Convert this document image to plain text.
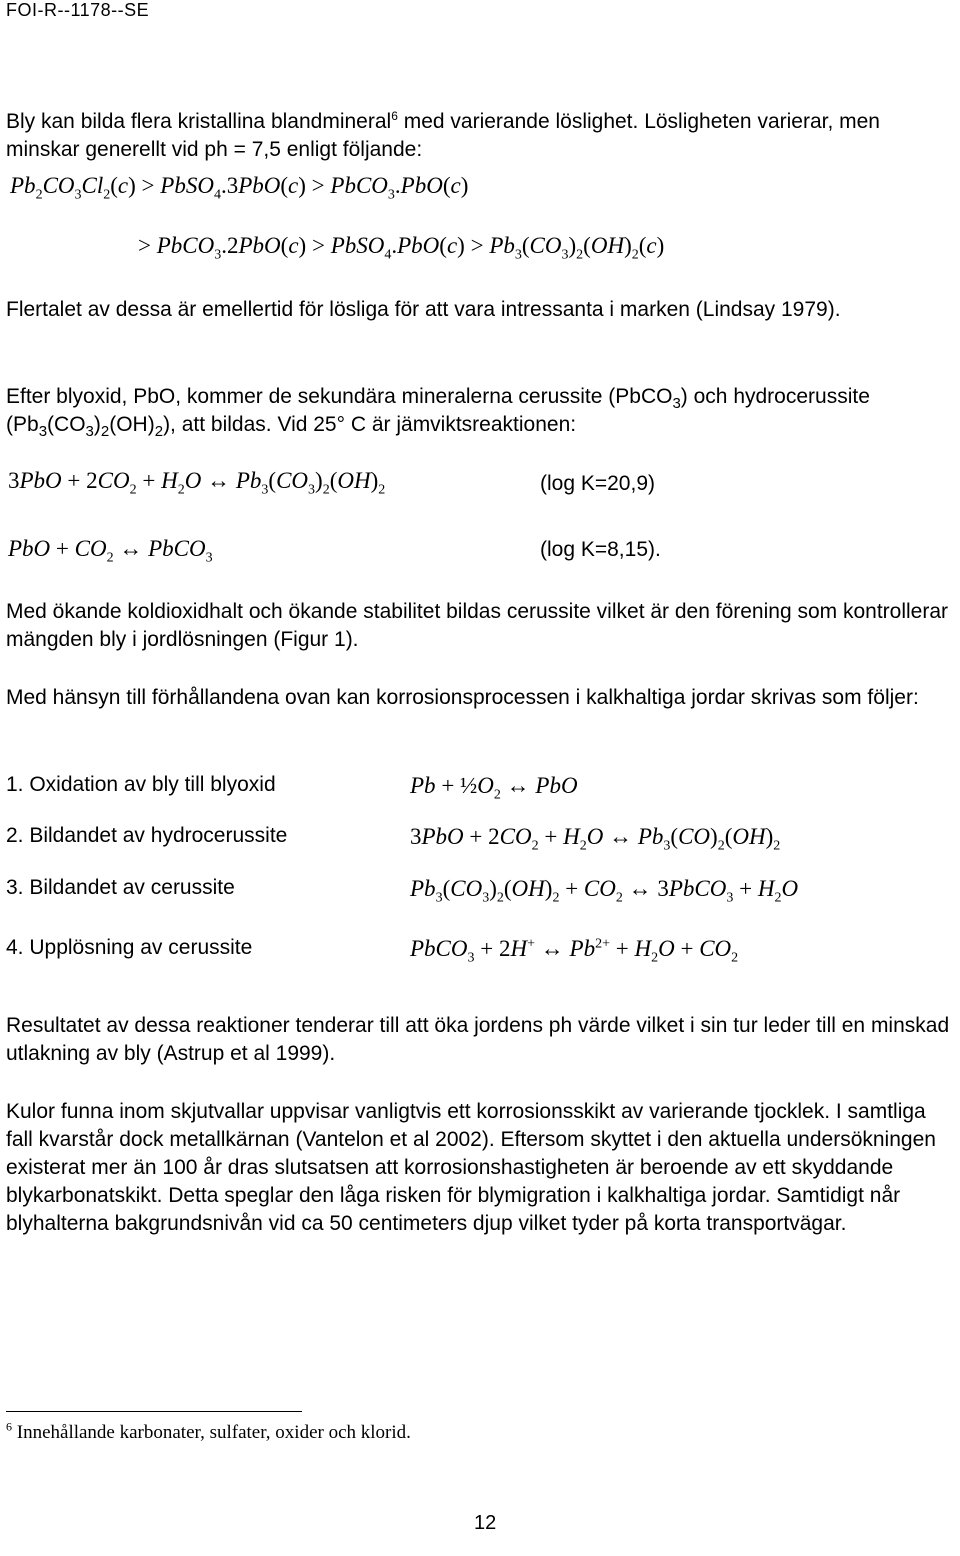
FOI-R--1178--SE
Bly kan bilda flera kristallina blandmineral$^6$ med varierande löslighet. Lösligheten varierar, men minskar generellt vid ph = 7,5 enligt följande:
$Pb_2CO_3Cl_2(c)$ > PbSO$_4$.3PbO(c) > PbCO$_3$.PbO(c)
> PbCO$_3$.2PbO(c) > PbSO$_4$.PbO(c) > $Pb_3(CO_3)_2(OH)_2(c)$
Flertalet av dessa är emellertid för lösliga för att vara intressanta i marken (Lindsay 1979).
Efter blyoxid, PbO, kommer de sekundära mineralerna cerussite (PbCO$_3$) och hydrocerussite $(Pb_3(CO_3)_2(OH)_2)$, att bildas. Vid 25° C är jämviktsreaktionen:
$3PbO + 2CO_2 + H_2O$ ↔ $Pb_3(CO_3)_2(OH)_2$	(log K=20,9)
PbO + $CO_2$ ↔ PbCO$_3$	(log K=8,15).
Med ökande koldioxidhalt och ökande stabilitet bildas cerussite vilket är den förening som kontrollerar mängden bly i jordlösningen (Figur 1).
Med hänsyn till förhållandena ovan kan korrosionsprocessen i kalkhaltiga jordar skrivas som följer:
1. Oxidation av bly till blyoxid	$Pb + \frac{1}{2}O_2$ ↔ PbO
2. Bildandet av hydrocerussite	$3PbO + 2CO_2 + H_2O$ ↔ $Pb_3(CO)_2(OH)_2$
3. Bildandet av cerussite	$Pb_3(CO_3)_2(OH)_2 + CO_2$ ↔ 3PbCO$_3$ + $H_2O$
4. Upplösning av cerussite	PbCO$_3$ + 2H+ ↔ $Pb^{2+} + H_2O + CO_2$
Resultatet av dessa reaktioner tenderar till att öka jordens ph värde vilket i sin tur leder till en minskad utlakning av bly (Astrup et al 1999).
Kulor funna inom skjutvallar uppvisar vanligtvis ett korrosionsskikt av varierande tjocklek. I samtliga fall kvarstår dock metallkärnan (Vantelon et al 2002). Eftersom skyttet i den aktuella undersökningen existerat mer än 100 år dras slutsatsen att korrosionshastigheten är beroende av ett skyddande blykarbonatskikt. Detta speglar den låga risken för blymigration i kalkhaltiga jordar. Samtidigt når blyhalterna bakgrundsnivån vid ca 50 centimeters djup vilket tyder på korta transportvägar.
$^6$ Innehållande karbonater, sulfater, oxider och klorid.
12
